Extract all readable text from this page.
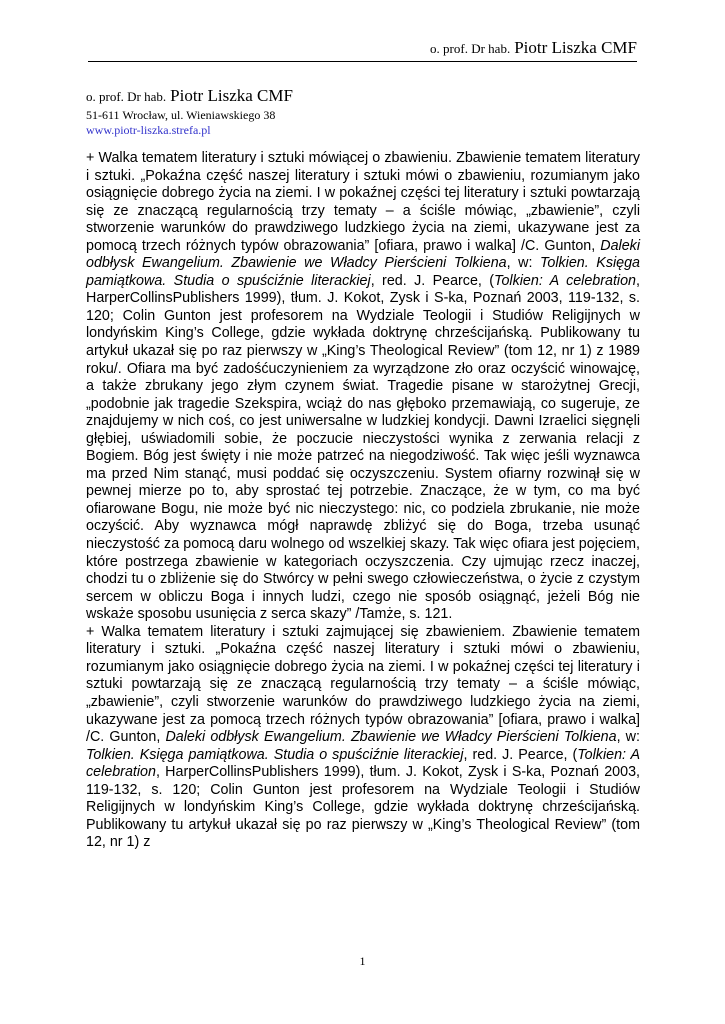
o. prof. Dr hab. Piotr Liszka CMF
o. prof. Dr hab. Piotr Liszka CMF
51-611 Wrocław, ul. Wieniawskiego 38
www.piotr-liszka.strefa.pl

+ Walka tematem literatury i sztuki mówiącej o zbawieniu. Zbawienie tematem literatury i sztuki. „Pokaźna część naszej literatury i sztuki mówi o zbawieniu, rozumianym jako osiągnięcie dobrego życia na ziemi. I w pokaźnej części tej literatury i sztuki powtarzają się ze znaczącą regularnością trzy tematy – a ściśle mówiąc, „zbawienie”, czyli stworzenie warunków do prawdziwego ludzkiego życia na ziemi, ukazywane jest za pomocą trzech różnych typów obrazowania” [ofiara, prawo i walka] /C. Gunton, Daleki odbłysk Ewangelium. Zbawienie we Władcy Pierścieni Tolkiena, w: Tolkien. Księga pamiątkowa. Studia o spuściźnie literackiej, red. J. Pearce, (Tolkien: A celebration, HarperCollinsPublishers 1999), tłum. J. Kokot, Zysk i S-ka, Poznań 2003, 119-132, s. 120; Colin Gunton jest profesorem na Wydziale Teologii i Studiów Religijnych w londyńskim King’s College, gdzie wykłada doktrynę chrześcijańską. Publikowany tu artykuł ukazał się po raz pierwszy w „King’s Theological Review” (tom 12, nr 1) z 1989 roku/. Ofiara ma być zadośćuczynieniem za wyrządzone zło oraz oczyścić winowajcę, a także zbrukany jego złym czynem świat. Tragedie pisane w starożytnej Grecji, „podobnie jak tragedie Szekspira, wciąż do nas głęboko przemawiają, co sugeruje, ze znajdujemy w nich coś, co jest uniwersalne w ludzkiej kondycji. Dawni Izraelici sięgnęli głębiej, uświadomili sobie, że poczucie nieczystości wynika z zerwania relacji z Bogiem. Bóg jest święty i nie może patrzeć na niegodziwość. Tak więc jeśli wyznawca ma przed Nim stanąć, musi poddać się oczyszczeniu. System ofiarny rozwinął się w pewnej mierze po to, aby sprostać tej potrzebie. Znaczące, że w tym, co ma być ofiarowane Bogu, nie może być nic nieczystego: nic, co podziela zbrukanie, nie może oczyścić. Aby wyznawca mógł naprawdę zbliżyć się do Boga, trzeba usunąć nieczystość za pomocą daru wolnego od wszelkiej skazy. Tak więc ofiara jest pojęciem, które postrzega zbawienie w kategoriach oczyszczenia. Czy ujmując rzecz inaczej, chodzi tu o zbliżenie się do Stwórcy w pełni swego człowieczeństwa, o życie z czystym sercem w obliczu Boga i innych ludzi, czego nie sposób osiągnąć, jeżeli Bóg nie wskaże sposobu usunięcia z serca skazy” /Tamże, s. 121.

+ Walka tematem literatury i sztuki zajmującej się zbawieniem. Zbawienie tematem literatury i sztuki. „Pokaźna część naszej literatury i sztuki mówi o zbawieniu, rozumianym jako osiągnięcie dobrego życia na ziemi. I w pokaźnej części tej literatury i sztuki powtarzają się ze znaczącą regularnością trzy tematy – a ściśle mówiąc, „zbawienie”, czyli stworzenie warunków do prawdziwego ludzkiego życia na ziemi, ukazywane jest za pomocą trzech różnych typów obrazowania” [ofiara, prawo i walka] /C. Gunton, Daleki odbłysk Ewangelium. Zbawienie we Władcy Pierścieni Tolkiena, w: Tolkien. Księga pamiątkowa. Studia o spuściźnie literackiej, red. J. Pearce, (Tolkien: A celebration, HarperCollinsPublishers 1999), tłum. J. Kokot, Zysk i S-ka, Poznań 2003, 119-132, s. 120; Colin Gunton jest profesorem na Wydziale Teologii i Studiów Religijnych w londyńskim King’s College, gdzie wykłada doktrynę chrześcijańską. Publikowany tu artykuł ukazał się po raz pierwszy w „King’s Theological Review” (tom 12, nr 1) z

1
